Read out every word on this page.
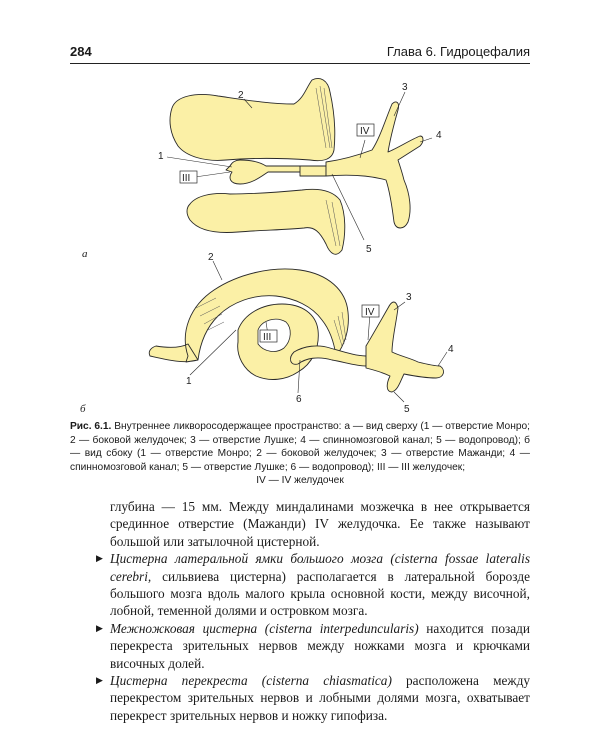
284	Глава 6. Гидроцефалия
IV
III
1
2
3
4
5
а
IV
III
1
2
3
4
5
6
б
Рис. 6.1. Внутреннее ликворосодержащее пространство: а — вид сверху (1 — отверстие Монро; 2 — боковой желудочек; 3 — отверстие Лушке; 4 — спинномозговой канал; 5 — водопровод); б — вид сбоку (1 — отверстие Монро; 2 — боковой желудочек; 3 — отверстие Мажанди; 4 — спинномозговой канал; 5 — отверстие Лушке; 6 — водопровод); III — III желудочек;
IV — IV желудочек

глубина — 15 мм. Между миндалинами мозжечка в нее открывается срединное отверстие (Мажанди) IV желудочка. Ее также называют большой или затылочной цистерной.

▶ Цистерна латеральной ямки большого мозга (cisterna fossae lateralis cerebri, сильвиева цистерна) располагается в латеральной борозде большого мозга вдоль малого крыла основной кости, между височной, лобной, теменной долями и островком мозга.

▶ Межножковая цистерна (cisterna interpeduncularis) находится позади перекреста зрительных нервов между ножками мозга и крючками височных долей.

▶ Цистерна перекреста (cisterna chiasmatica) расположена между перекрестом зрительных нервов и лобными долями мозга, охватывает перекрест зрительных нервов и ножку гипофиза.
